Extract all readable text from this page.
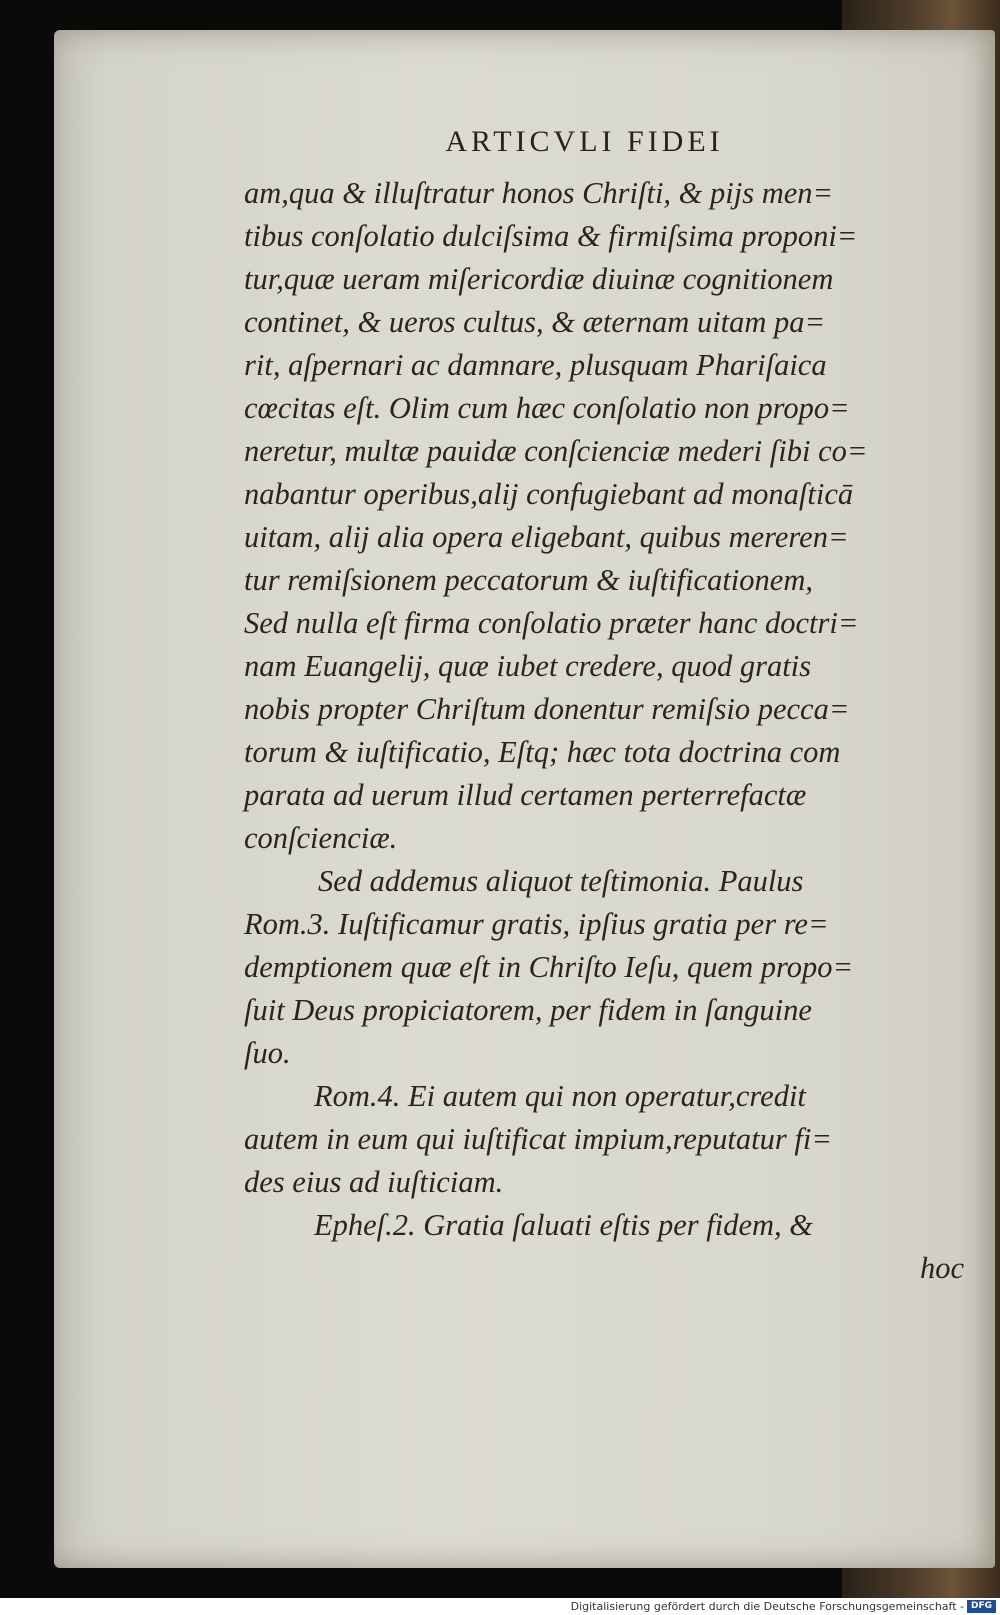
ARTICVLI FIDEI
am,qua & illuſtratur honos Chriſti, & pijs men=
tibus conſolatio dulciſsima & firmiſsima proponi=
tur,quæ ueram miſericordiæ diuinæ cognitionem
continet, & ueros cultus, & æternam uitam pa=
rit, aſpernari ac damnare, plusquam Phariſaica
cœcitas eſt. Olim cum hæc conſolatio non propo=
neretur, multæ pauidæ conſcienciæ mederi ſibi co=
nabantur operibus,alij confugiebant ad monaſticā
uitam, alij alia opera eligebant, quibus mereren=
tur remiſsionem peccatorum & iuſtificationem,
Sed nulla eſt firma conſolatio præter hanc doctri=
nam Euangelij, quæ iubet credere, quod gratis
nobis propter Chriſtum donentur remiſsio pecca=
torum & iuſtificatio, Eſtq; hæc tota doctrina com
parata ad uerum illud certamen perterrefactæ
conſcienciæ.
Sed addemus aliquot teſtimonia. Paulus
Rom.3. Iuſtificamur gratis, ipſius gratia per re=
demptionem quæ eſt in Chriſto Ieſu, quem propo=
ſuit Deus propiciatorem, per fidem in ſanguine
ſuo.
Rom.4. Ei autem qui non operatur,credit
autem in eum qui iuſtificat impium,reputatur fi=
des eius ad iuſticiam.
Epheſ.2. Gratia ſaluati eſtis per fidem, &
hoc
Digitalisierung gefördert durch die Deutsche Forschungsgemeinschaft - DFG
